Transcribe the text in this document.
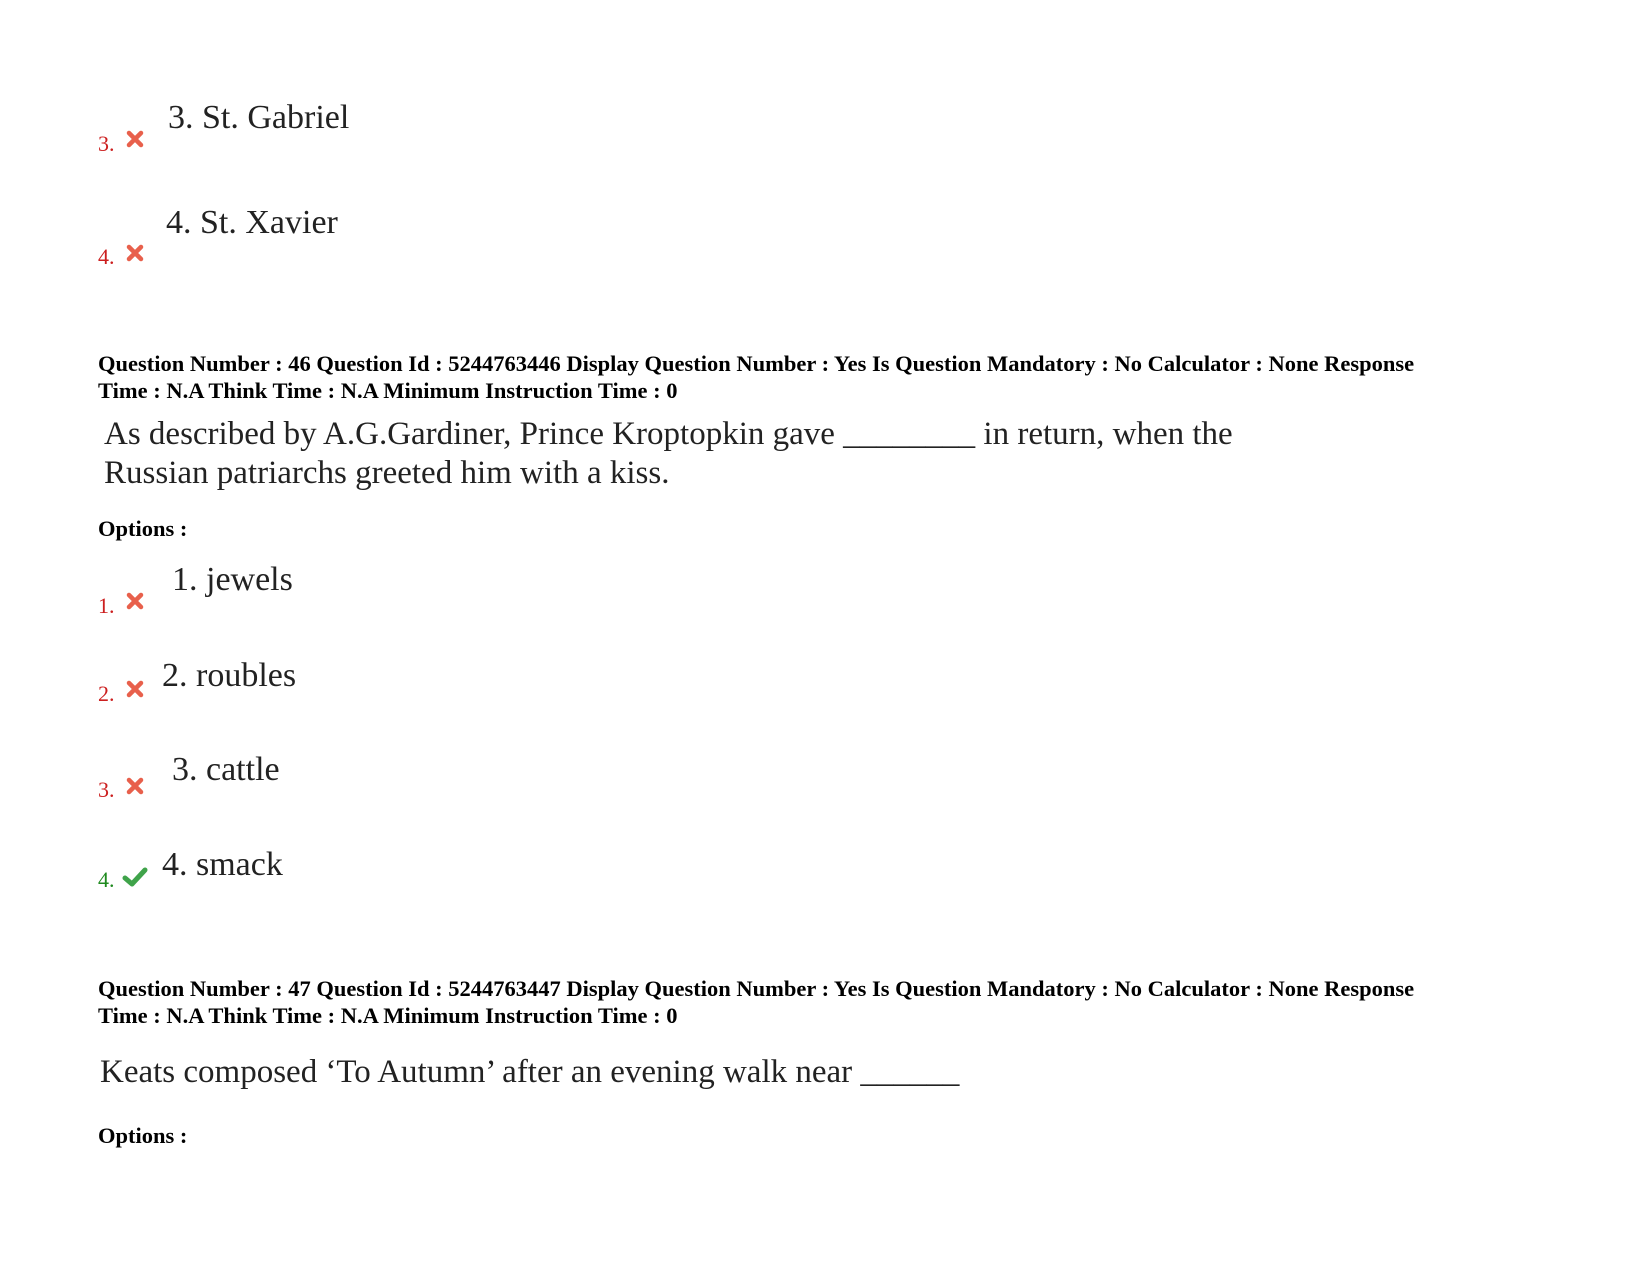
3.
3. St. Gabriel
4.
4. St. Xavier
Question Number : 46 Question Id : 5244763446 Display Question Number : Yes Is Question Mandatory : No Calculator : None Response
Time : N.A Think Time : N.A Minimum Instruction Time : 0
As described by A.G.Gardiner, Prince Kroptopkin gave ________ in return, when the
Russian patriarchs greeted him with a kiss.
Options :
1.
1. jewels
2. 2. roubles
3.
3. cattle
4. 4. smack
Question Number : 47 Question Id : 5244763447 Display Question Number : Yes Is Question Mandatory : No Calculator : None Response
Time : N.A Think Time : N.A Minimum Instruction Time : 0
Keats composed ‘To Autumn’ after an evening walk near ______
Options :
